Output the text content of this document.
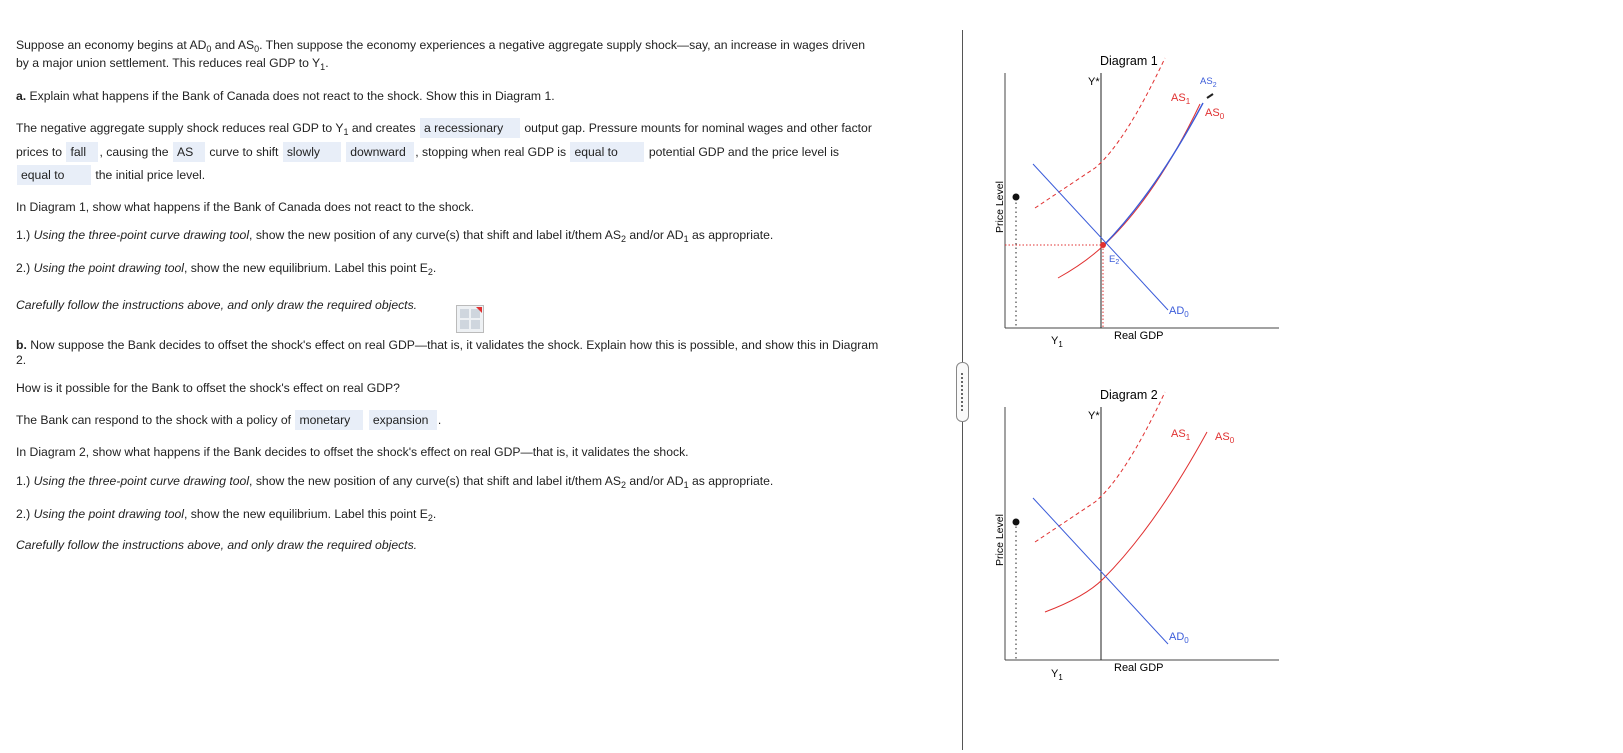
Suppose an economy begins at $AD_0$ and $AS_0$. Then suppose the economy experiences a negative aggregate supply shock—say, an increase in wages driven

by a major union settlement. This reduces real GDP to $Y_1$.

a. Explain what happens if the Bank of Canada does not react to the shock. Show this in Diagram 1.

The negative aggregate supply shock reduces real GDP to $Y_1$ and creates a recessionary output gap. Pressure mounts for nominal wages and other factor

prices to fall , causing the AS curve to shift slowly downward , stopping when real GDP is equal to	potential GDP and the price level is

equal to	the initial price level.

In Diagram 1, show what happens if the Bank of Canada does not react to the shock.

1.) Using the three-point curve drawing tool, show the new position of any curve(s) that shift and label it/them $AS_2$ and/or $AD_1$ as appropriate.

2.) Using the point drawing tool, show the new equilibrium. Label this point $E_2$.

Carefully follow the instructions above, and only draw the required objects.

b. Now suppose the Bank decides to offset the shock's effect on real GDP—that is, it validates the shock. Explain how this is possible, and show this in Diagram

2.

How is it possible for the Bank to offset the shock's effect on real GDP?

The Bank can respond to the shock with a policy of monetary expansion .

In Diagram 2, show what happens if the Bank decides to offset the shock's effect on real GDP—that is, it validates the shock.

1.) Using the three-point curve drawing tool, show the new position of any curve(s) that shift and label it/them $AS_2$ and/or $AD_1$ as appropriate.

2.) Using the point drawing tool, show the new equilibrium. Label this point $E_2$.

Carefully follow the instructions above, and only draw the required objects.

Diagram 1
Y*
Price Level
Real GDP
$Y_1$
$AS_1$
$AS_0$
$AS_2$
$AD_0$
$E_2$
Diagram 2
Y*
Price Level
Real GDP
$Y_1$
$AS_1$ $AS_0$
$AD_0$
